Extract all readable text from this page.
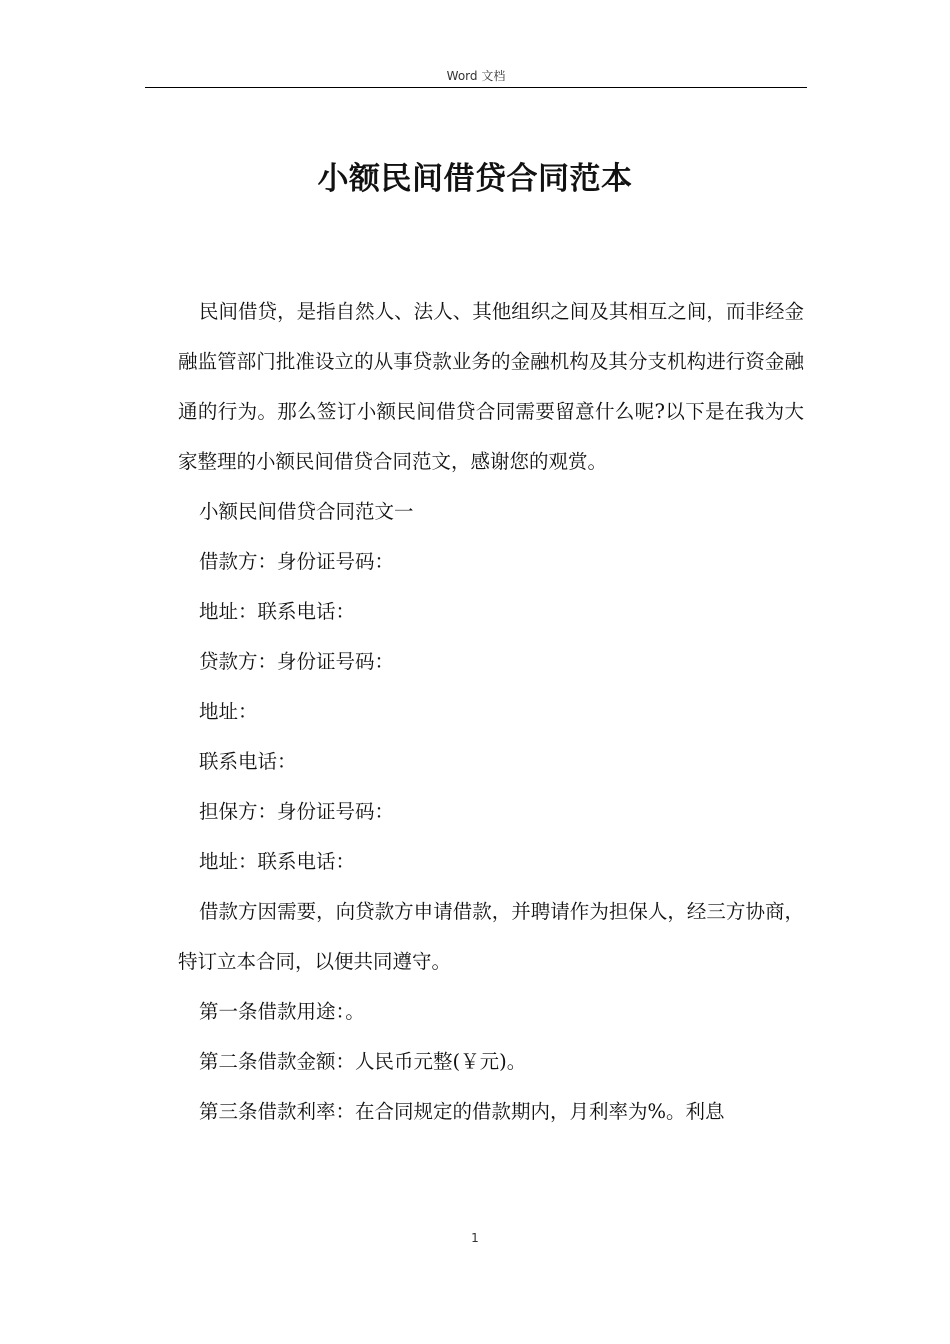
Word 文档
小额民间借贷合同范本

民间借贷，是指自然人、法人、其他组织之间及其相互之间，而非经金融监管部门批准设立的从事贷款业务的金融机构及其分支机构进行资金融通的行为。那么签订小额民间借贷合同需要留意什么呢?以下是在我为大家整理的小额民间借贷合同范文，感谢您的观赏。

小额民间借贷合同范文一

借款方：身份证号码：

地址：联系电话：

贷款方：身份证号码：

地址：

联系电话：

担保方：身份证号码：

地址：联系电话：

借款方因需要，向贷款方申请借款，并聘请作为担保人，经三方协商，特订立本合同，以便共同遵守。

第一条借款用途：。

第二条借款金额：人民币元整(￥元)。

第三条借款利率：在合同规定的借款期内，月利率为%。利息

1
